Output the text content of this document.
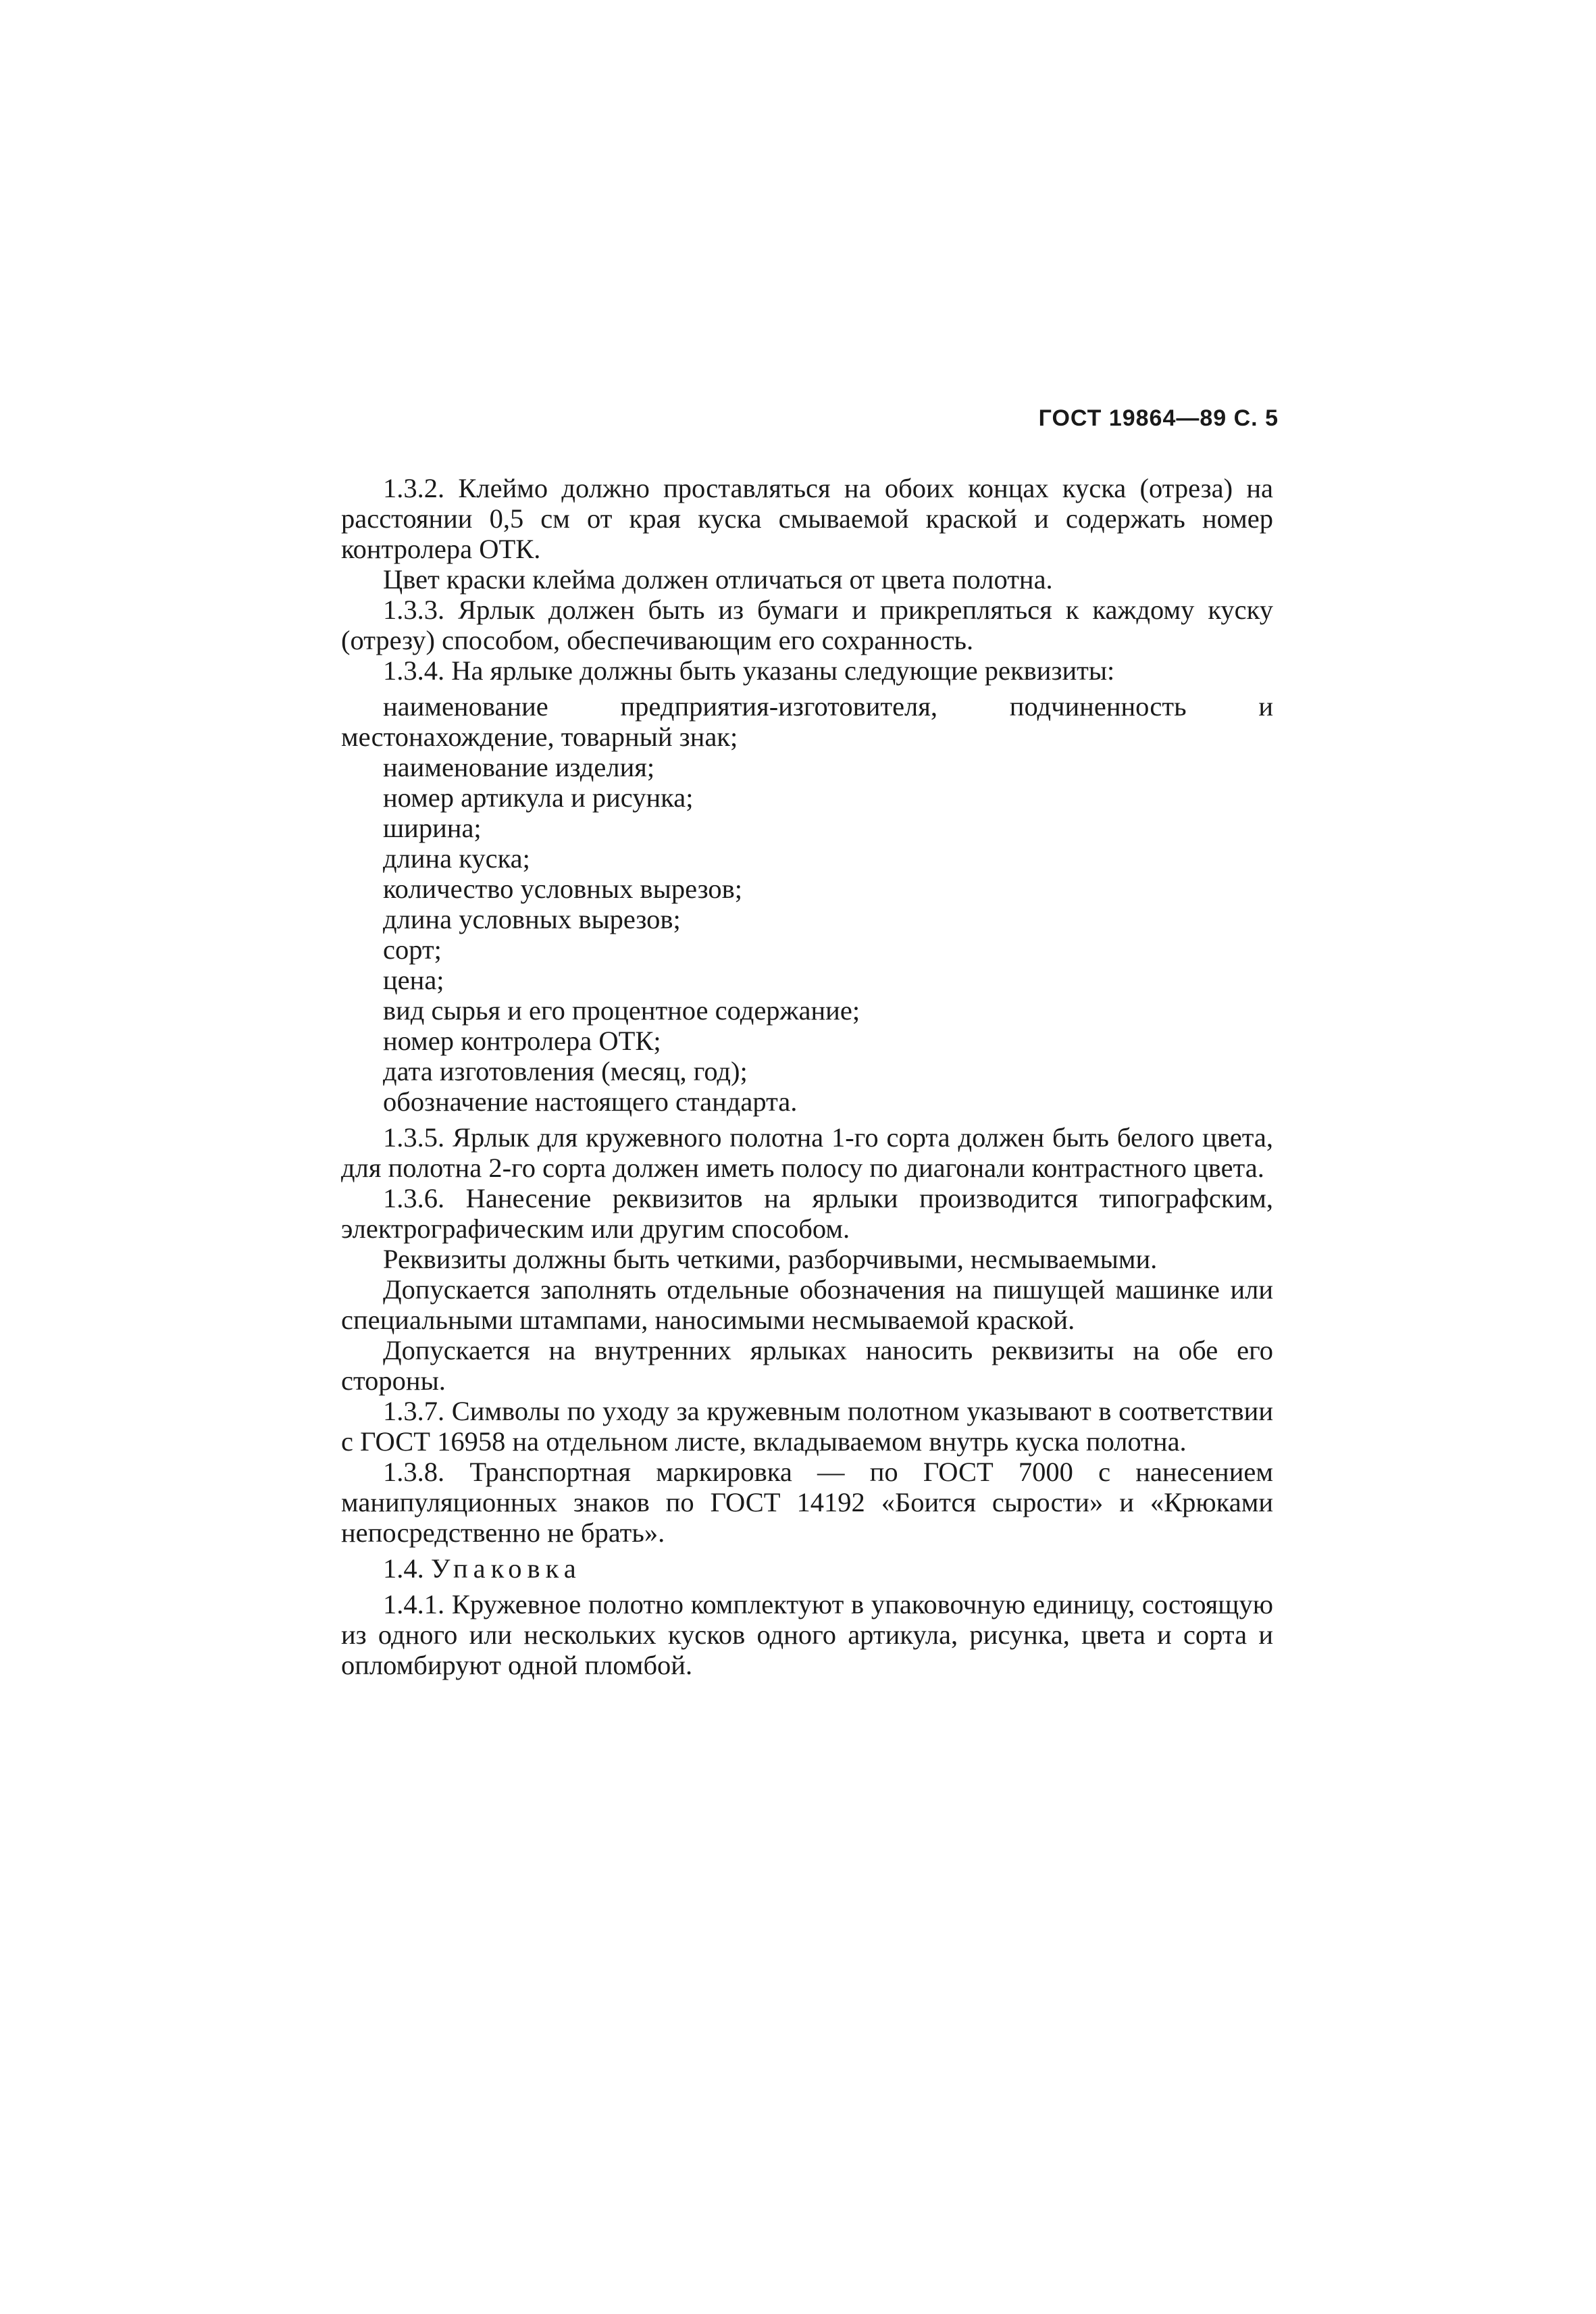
ГОСТ 19864—89 С. 5

1.3.2. Клеймо должно проставляться на обоих концах куска (отреза) на расстоянии 0,5 см от края куска смываемой краской и содержать номер контролера ОТК.

Цвет краски клейма должен отличаться от цвета полотна.

1.3.3. Ярлык должен быть из бумаги и прикрепляться к каждому куску (отрезу) способом, обеспечивающим его сохранность.

1.3.4. На ярлыке должны быть указаны следующие реквизиты:

наименование предприятия-изготовителя, подчиненность и местонахождение, товарный знак;

наименование изделия;
номер артикула и рисунка;
ширина;
длина куска;
количество условных вырезов;
длина условных вырезов;
сорт;
цена;
вид сырья и его процентное содержание;
номер контролера ОТК;
дата изготовления (месяц, год);
обозначение настоящего стандарта.

1.3.5. Ярлык для кружевного полотна 1-го сорта должен быть белого цвета, для полотна 2-го сорта должен иметь полосу по диагонали контрастного цвета.

1.3.6. Нанесение реквизитов на ярлыки производится типографским, электрографическим или другим способом.

Реквизиты должны быть четкими, разборчивыми, несмываемыми.

Допускается заполнять отдельные обозначения на пишущей машинке или специальными штампами, наносимыми несмываемой краской.

Допускается на внутренних ярлыках наносить реквизиты на обе его стороны.

1.3.7. Символы по уходу за кружевным полотном указывают в соответствии с ГОСТ 16958 на отдельном листе, вкладываемом внутрь куска полотна.

1.3.8. Транспортная маркировка — по ГОСТ 7000 с нанесением манипуляционных знаков по ГОСТ 14192 «Боится сырости» и «Крюками непосредственно не брать».

1.4. Упаковка

1.4.1. Кружевное полотно комплектуют в упаковочную единицу, состоящую из одного или нескольких кусков одного артикула, рисунка, цвета и сорта и опломбируют одной пломбой.
